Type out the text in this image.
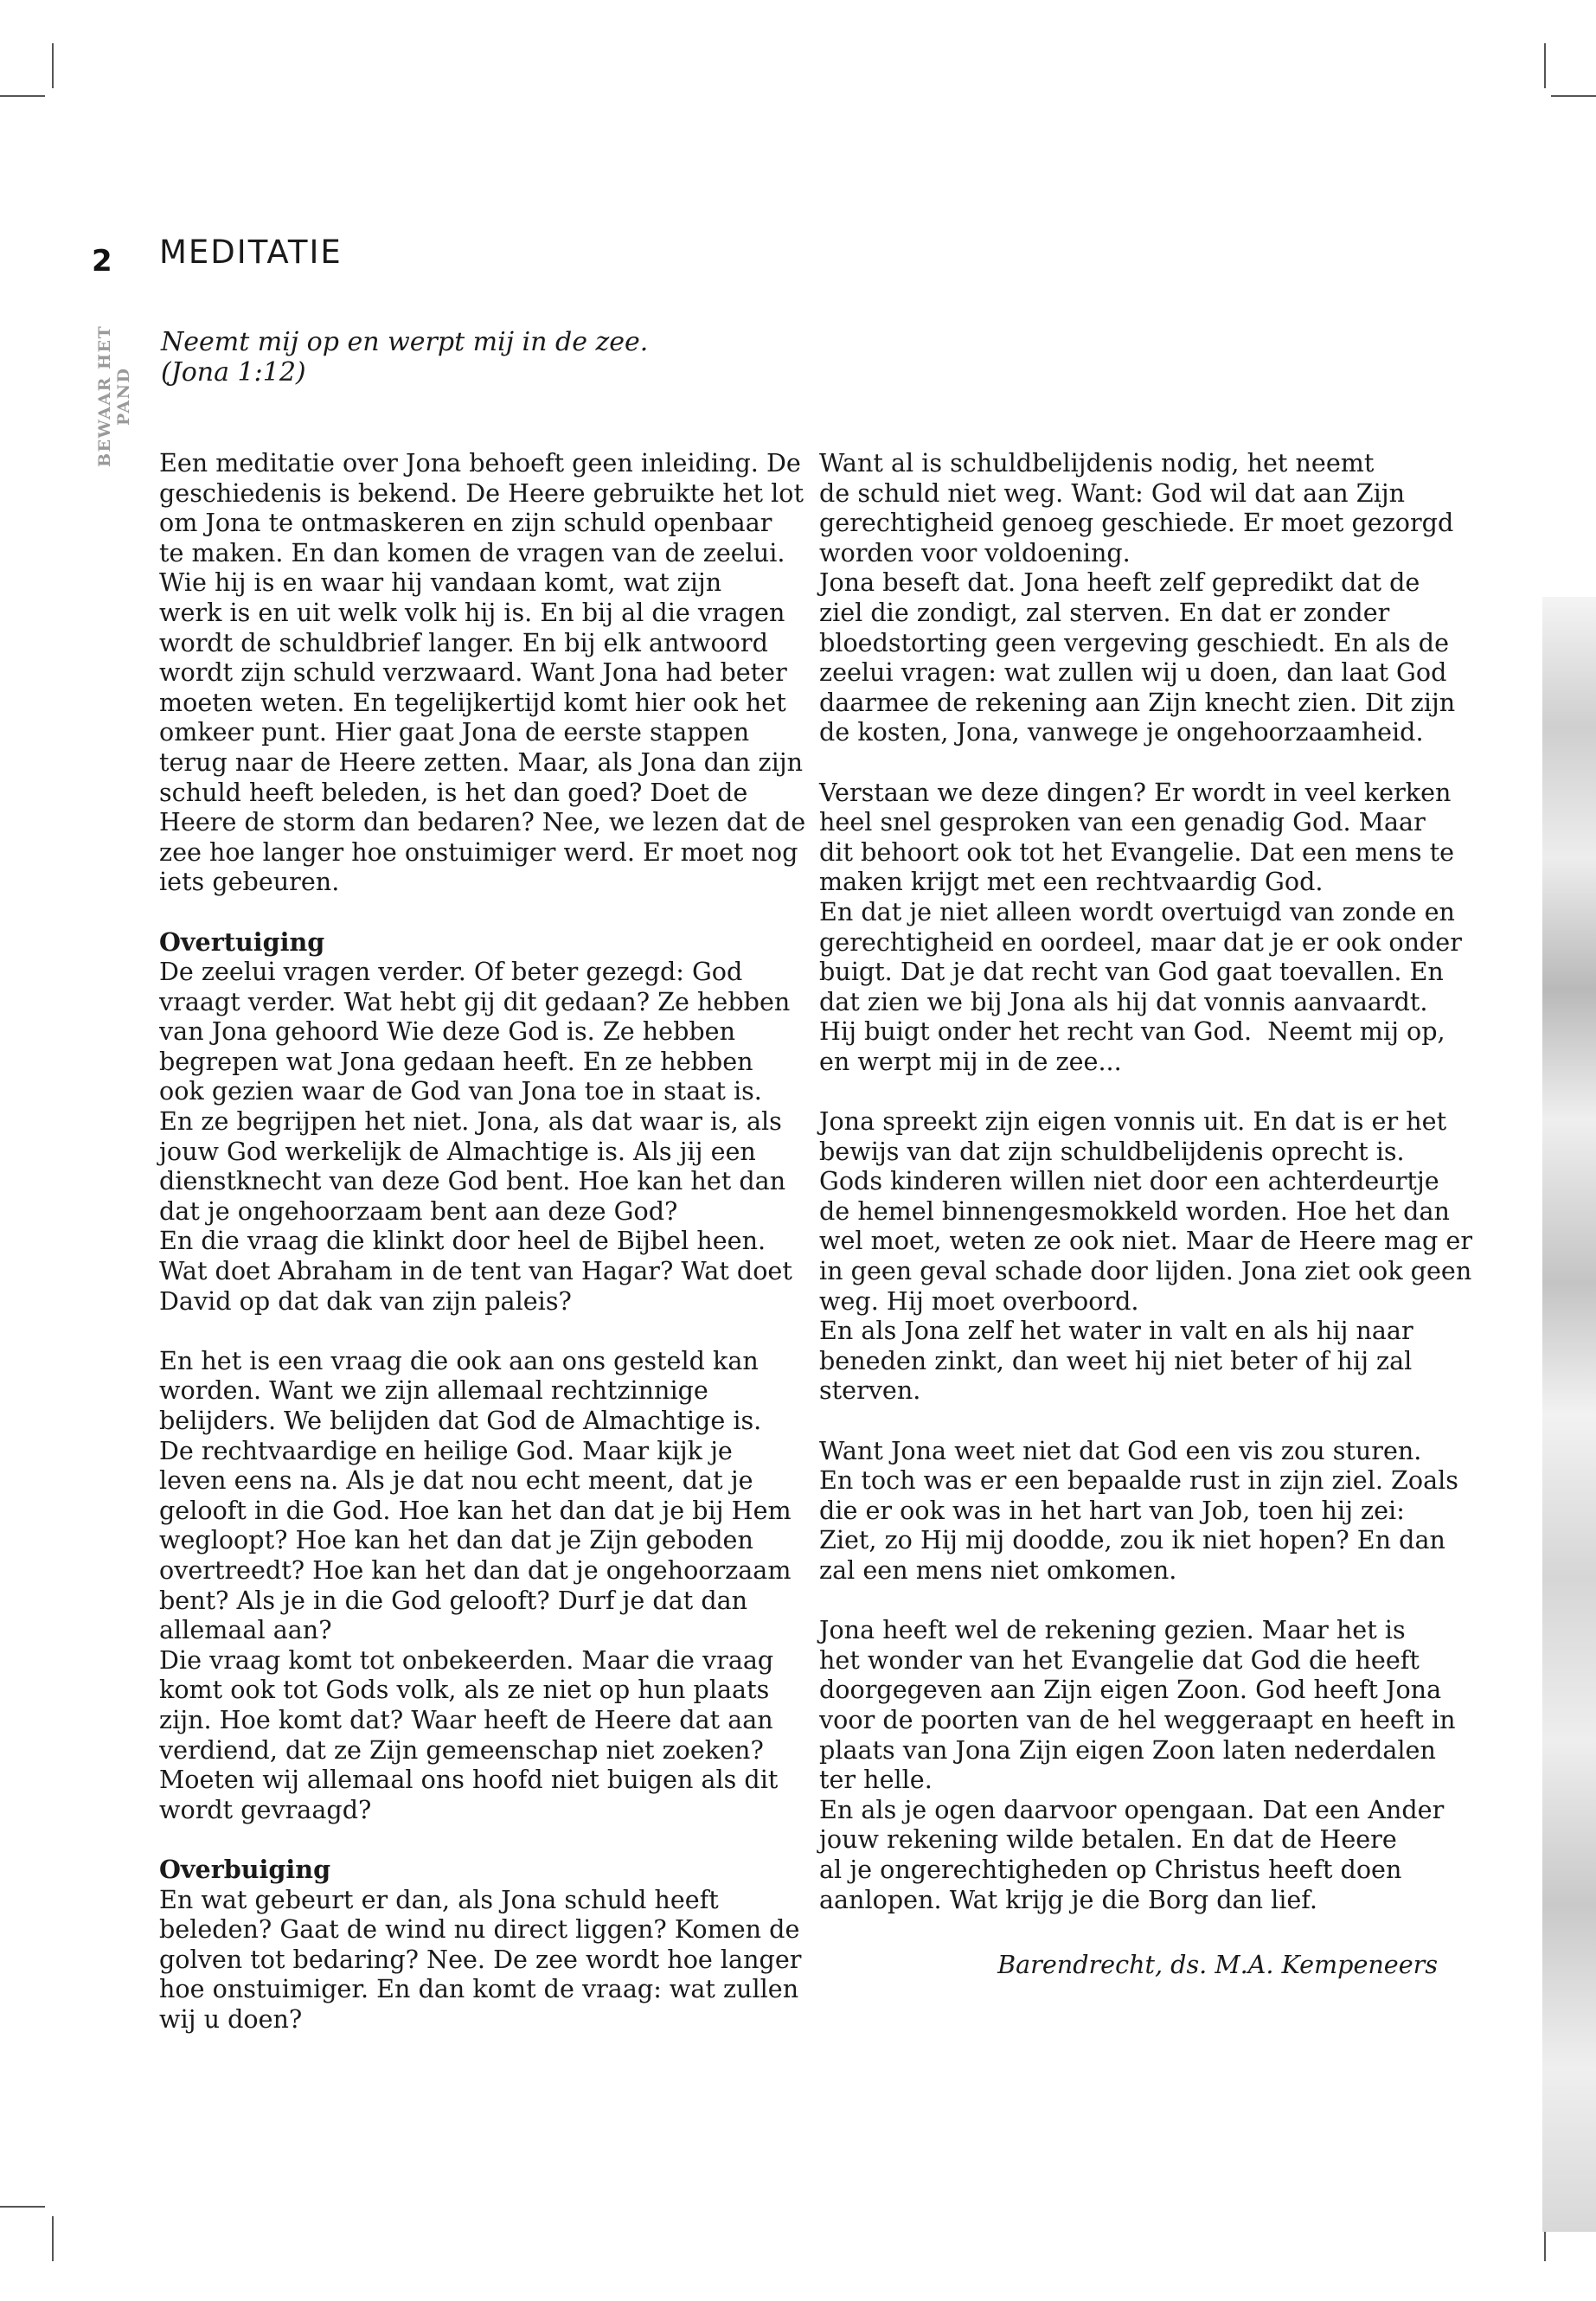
2
BEWAAR HET PAND
MEDITATIE
Neemt mij op en werpt mij in de zee.
(Jona 1:12)
Een meditatie over Jona behoeft geen inleiding. De
geschiedenis is bekend. De Heere gebruikte het lot
om Jona te ontmaskeren en zijn schuld openbaar
te maken. En dan komen de vragen van de zeelui.
Wie hij is en waar hij vandaan komt, wat zijn
werk is en uit welk volk hij is. En bij al die vragen
wordt de schuldbrief langer. En bij elk antwoord
wordt zijn schuld verzwaard. Want Jona had beter
moeten weten. En tegelijkertijd komt hier ook het
omkeer punt. Hier gaat Jona de eerste stappen
terug naar de Heere zetten. Maar, als Jona dan zijn
schuld heeft beleden, is het dan goed? Doet de
Heere de storm dan bedaren? Nee, we lezen dat de
zee hoe langer hoe onstuimiger werd. Er moet nog
iets gebeuren.
Overtuiging
De zeelui vragen verder. Of beter gezegd: God
vraagt verder. Wat hebt gij dit gedaan? Ze hebben
van Jona gehoord Wie deze God is. Ze hebben
begrepen wat Jona gedaan heeft. En ze hebben
ook gezien waar de God van Jona toe in staat is.
En ze begrijpen het niet. Jona, als dat waar is, als
jouw God werkelijk de Almachtige is. Als jij een
dienstknecht van deze God bent. Hoe kan het dan
dat je ongehoorzaam bent aan deze God?
En die vraag die klinkt door heel de Bijbel heen.
Wat doet Abraham in de tent van Hagar? Wat doet
David op dat dak van zijn paleis?
En het is een vraag die ook aan ons gesteld kan
worden. Want we zijn allemaal rechtzinnige
belijders. We belijden dat God de Almachtige is.
De rechtvaardige en heilige God. Maar kijk je
leven eens na. Als je dat nou echt meent, dat je
gelooft in die God. Hoe kan het dan dat je bij Hem
wegloopt? Hoe kan het dan dat je Zijn geboden
overtreedt? Hoe kan het dan dat je ongehoorzaam
bent? Als je in die God gelooft? Durf je dat dan
allemaal aan?
Die vraag komt tot onbekeerden. Maar die vraag
komt ook tot Gods volk, als ze niet op hun plaats
zijn. Hoe komt dat? Waar heeft de Heere dat aan
verdiend, dat ze Zijn gemeenschap niet zoeken?
Moeten wij allemaal ons hoofd niet buigen als dit
wordt gevraagd?
Overbuiging
En wat gebeurt er dan, als Jona schuld heeft
beleden? Gaat de wind nu direct liggen? Komen de
golven tot bedaring? Nee. De zee wordt hoe langer
hoe onstuimiger. En dan komt de vraag: wat zullen
wij u doen?
Want al is schuldbelijdenis nodig, het neemt
de schuld niet weg. Want: God wil dat aan Zijn
gerechtigheid genoeg geschiede. Er moet gezorgd
worden voor voldoening.
Jona beseft dat. Jona heeft zelf gepredikt dat de
ziel die zondigt, zal sterven. En dat er zonder
bloedstorting geen vergeving geschiedt. En als de
zeelui vragen: wat zullen wij u doen, dan laat God
daarmee de rekening aan Zijn knecht zien. Dit zijn
de kosten, Jona, vanwege je ongehoorzaamheid.
Verstaan we deze dingen? Er wordt in veel kerken
heel snel gesproken van een genadig God. Maar
dit behoort ook tot het Evangelie. Dat een mens te
maken krijgt met een rechtvaardig God.
En dat je niet alleen wordt overtuigd van zonde en
gerechtigheid en oordeel, maar dat je er ook onder
buigt. Dat je dat recht van God gaat toevallen. En
dat zien we bij Jona als hij dat vonnis aanvaardt.
Hij buigt onder het recht van God.  Neemt mij op,
en werpt mij in de zee...
Jona spreekt zijn eigen vonnis uit. En dat is er het
bewijs van dat zijn schuldbelijdenis oprecht is.
Gods kinderen willen niet door een achterdeurtje
de hemel binnengesmokkeld worden. Hoe het dan
wel moet, weten ze ook niet. Maar de Heere mag er
in geen geval schade door lijden. Jona ziet ook geen
weg. Hij moet overboord.
En als Jona zelf het water in valt en als hij naar
beneden zinkt, dan weet hij niet beter of hij zal
sterven.
Want Jona weet niet dat God een vis zou sturen.
En toch was er een bepaalde rust in zijn ziel. Zoals
die er ook was in het hart van Job, toen hij zei:
Ziet, zo Hij mij doodde, zou ik niet hopen? En dan
zal een mens niet omkomen.
Jona heeft wel de rekening gezien. Maar het is
het wonder van het Evangelie dat God die heeft
doorgegeven aan Zijn eigen Zoon. God heeft Jona
voor de poorten van de hel weggeraapt en heeft in
plaats van Jona Zijn eigen Zoon laten nederdalen
ter helle.
En als je ogen daarvoor opengaan. Dat een Ander
jouw rekening wilde betalen. En dat de Heere
al je ongerechtigheden op Christus heeft doen
aanlopen. Wat krijg je die Borg dan lief.
Barendrecht, ds. M.A. Kempeneers
